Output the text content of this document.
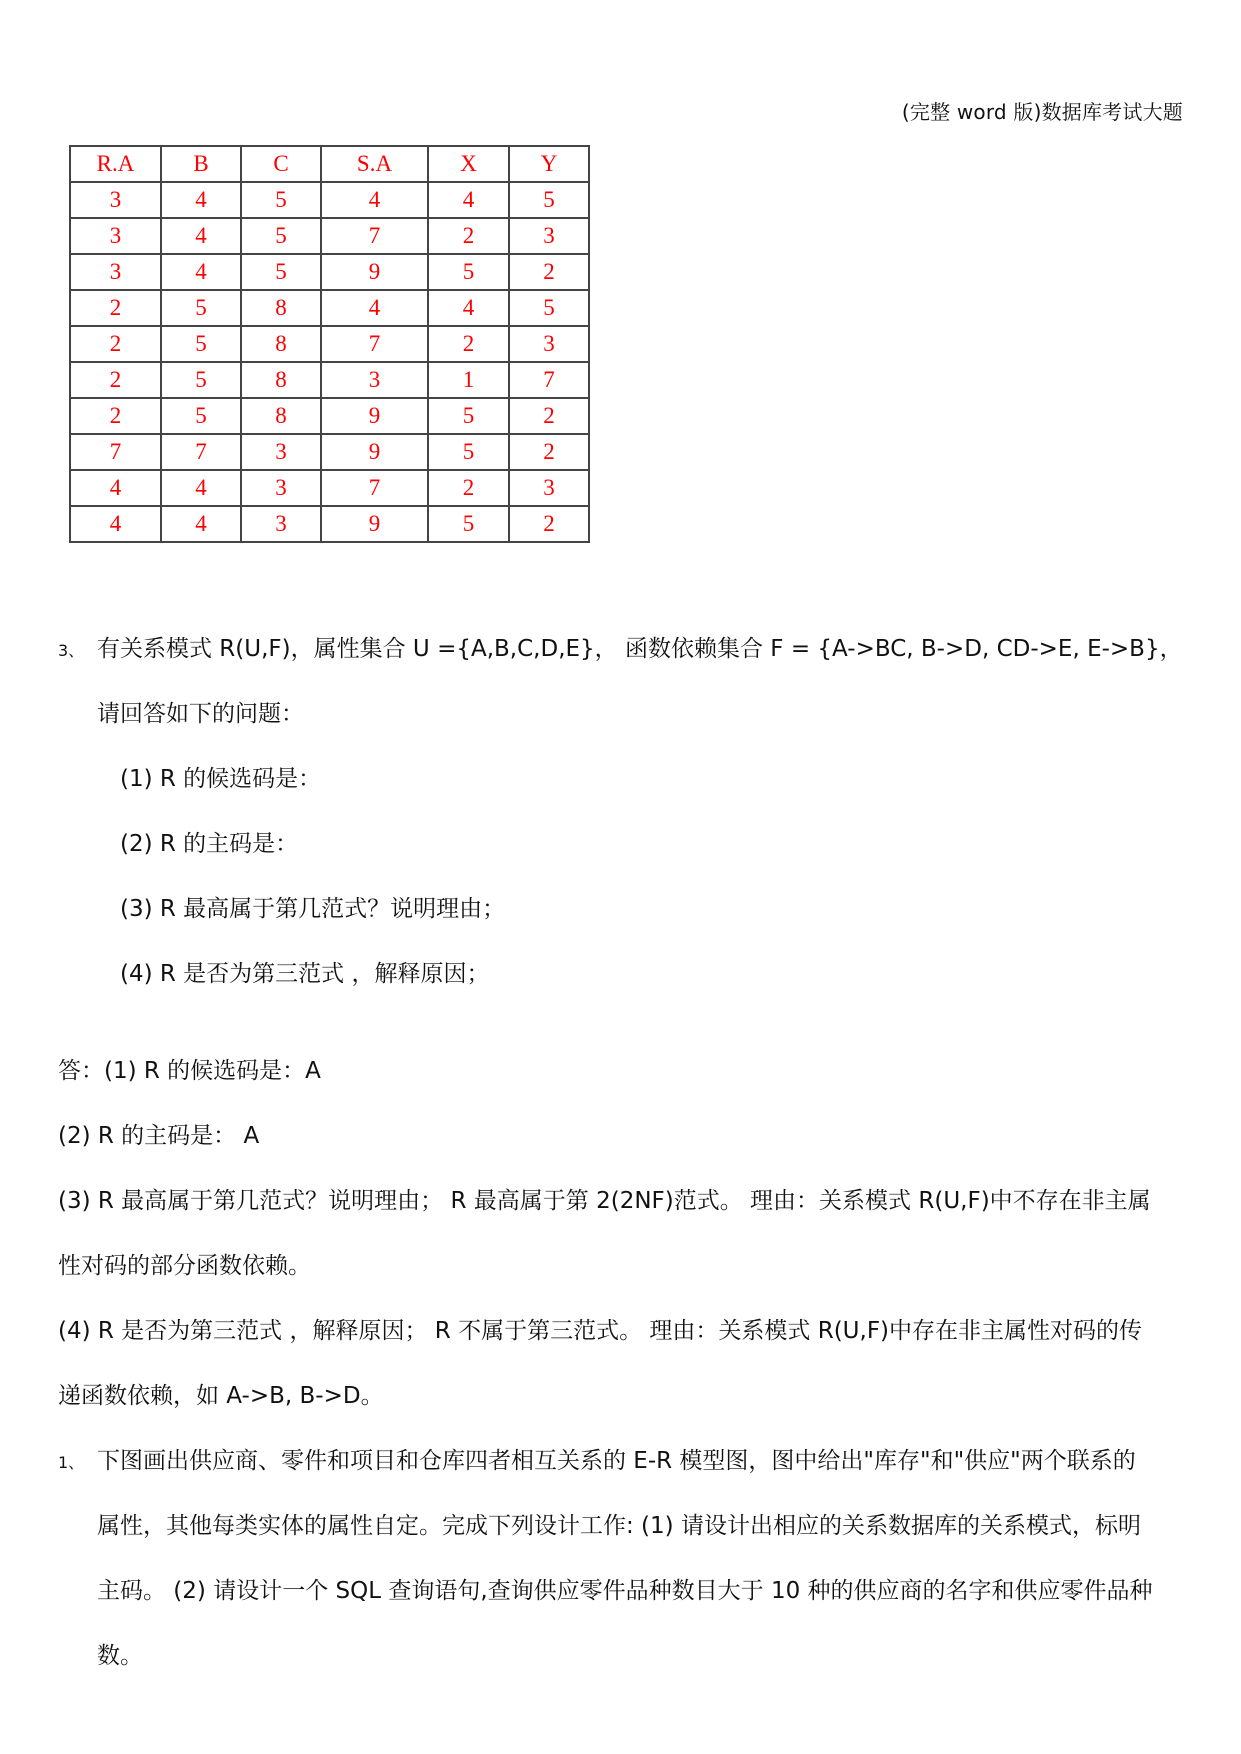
(完整 word 版)数据库考试大题
R.A	B	C	S.A	X	Y
3	4	5	4	4	5
3	4	5	7	2	3
3	4	5	9	5	2
2	5	8	4	4	5
2	5	8	7	2	3
2	5	8	3	1	7
2	5	8	9	5	2
7	7	3	9	5	2
4	4	3	7	2	3
4	4	3	9	5	2
3、 有关系模式 R(U,F)，属性集合 U ={A,B,C,D,E}， 函数依赖集合 F = {A->BC, B->D, CD->E, E->B}，
请回答如下的问题：
(1) R 的候选码是：
(2) R 的主码是：
(3) R 最高属于第几范式？说明理由；
(4) R 是否为第三范式 ，解释原因；
答：(1) R 的候选码是：A
(2) R 的主码是： A
(3) R 最高属于第几范式？说明理由； R 最高属于第 2(2NF)范式。 理由：关系模式 R(U,F)中不存在非主属
性对码的部分函数依赖。
(4) R 是否为第三范式 ，解释原因； R 不属于第三范式。 理由：关系模式 R(U,F)中存在非主属性对码的传
递函数依赖，如 A->B, B->D。
1、 下图画出供应商、零件和项目和仓库四者相互关系的 E-R 模型图，图中给出"库存"和"供应"两个联系的
属性，其他每类实体的属性自定。完成下列设计工作: (1) 请设计出相应的关系数据库的关系模式，标明
主码。 (2) 请设计一个 SQL 查询语句,查询供应零件品种数目大于 10 种的供应商的名字和供应零件品种
数。
